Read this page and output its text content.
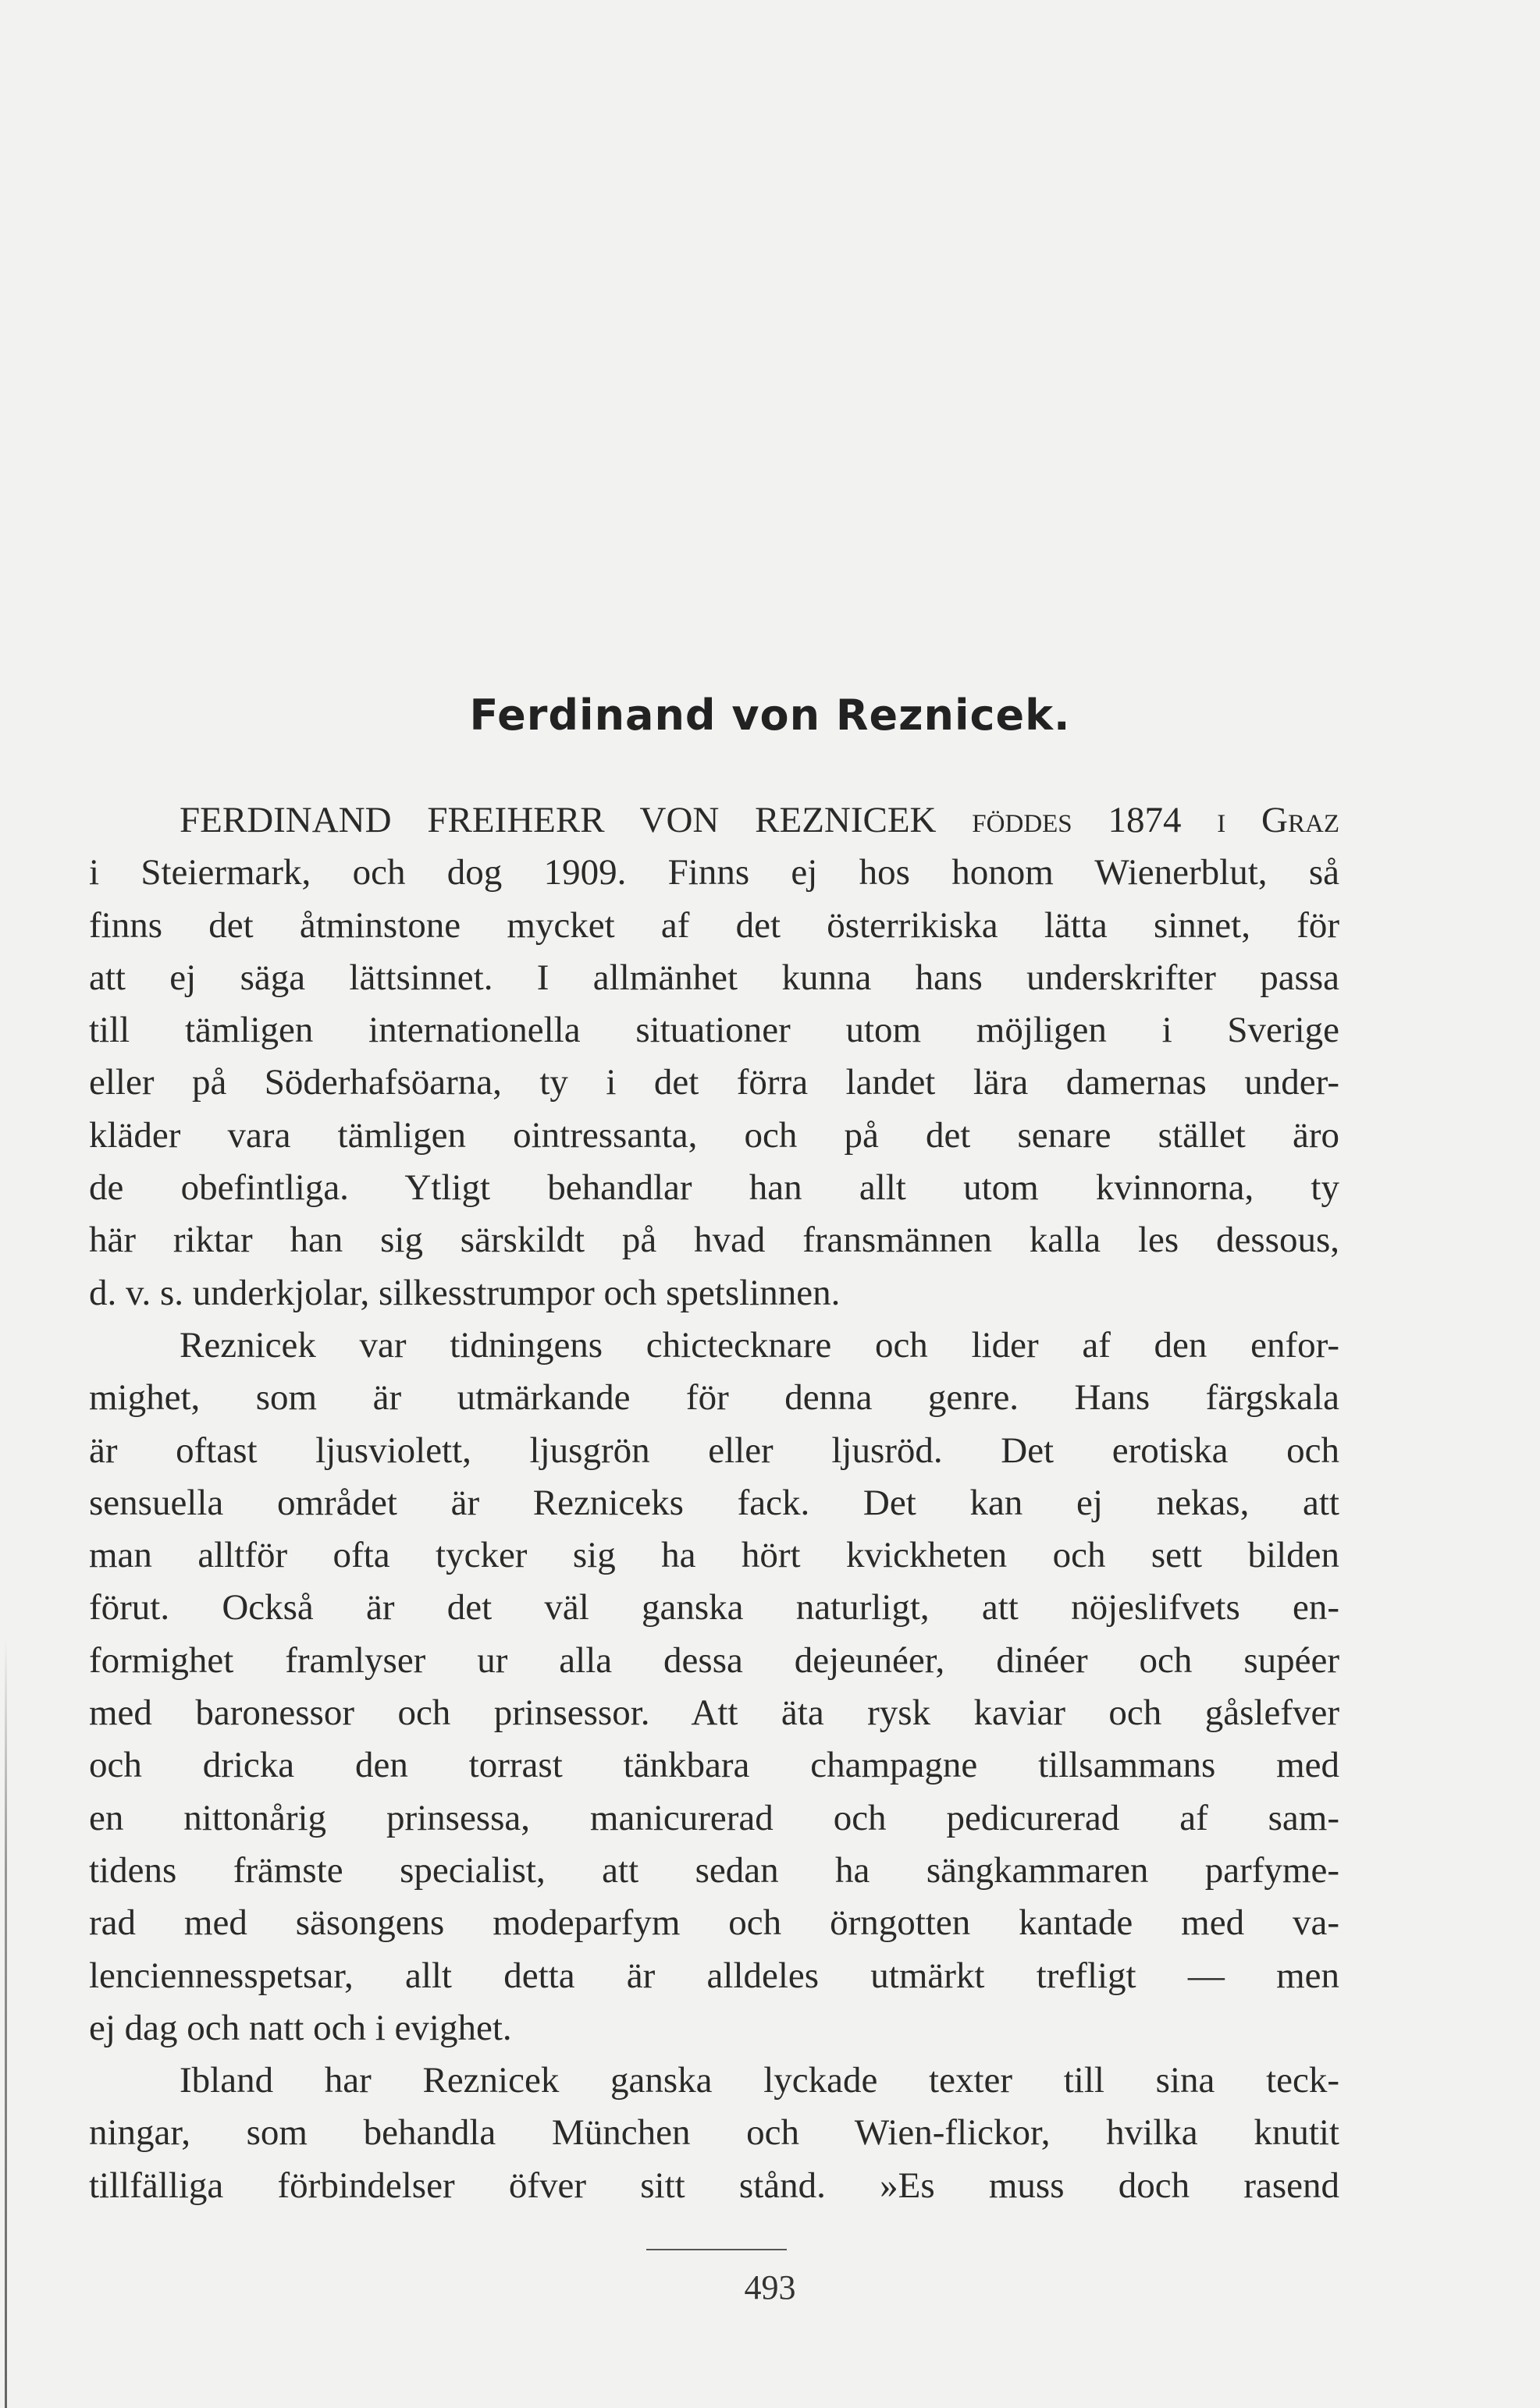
Ferdinand von Reznicek.
FERDINAND FREIHERR VON REZNICEK föddes 1874 i Graz
i Steiermark, och dog 1909. Finns ej hos honom Wienerblut, så
finns det åtminstone mycket af det österrikiska lätta sinnet, för
att ej säga lättsinnet. I allmänhet kunna hans underskrifter passa
till tämligen internationella situationer utom möjligen i Sverige
eller på Söderhafsöarna, ty i det förra landet lära damernas under-
kläder vara tämligen ointressanta, och på det senare stället äro
de obefintliga. Ytligt behandlar han allt utom kvinnorna, ty
här riktar han sig särskildt på hvad fransmännen kalla les dessous,
d. v. s. underkjolar, silkesstrumpor och spetslinnen.
Reznicek var tidningens chictecknare och lider af den enfor-
mighet, som är utmärkande för denna genre. Hans färgskala
är oftast ljusviolett, ljusgrön eller ljusröd. Det erotiska och
sensuella området är Rezniceks fack. Det kan ej nekas, att
man alltför ofta tycker sig ha hört kvickheten och sett bilden
förut. Också är det väl ganska naturligt, att nöjeslifvets en-
formighet framlyser ur alla dessa dejeunéer, dinéer och supéer
med baronessor och prinsessor. Att äta rysk kaviar och gåslefver
och dricka den torrast tänkbara champagne tillsammans med
en nittonårig prinsessa, manicurerad och pedicurerad af sam-
tidens främste specialist, att sedan ha sängkammaren parfyme-
rad med säsongens modeparfym och örngotten kantade med va-
lenciennesspetsar, allt detta är alldeles utmärkt trefligt — men
ej dag och natt och i evighet.
Ibland har Reznicek ganska lyckade texter till sina teck-
ningar, som behandla München och Wien-flickor, hvilka knutit
tillfälliga förbindelser öfver sitt stånd. »Es muss doch rasend
493
